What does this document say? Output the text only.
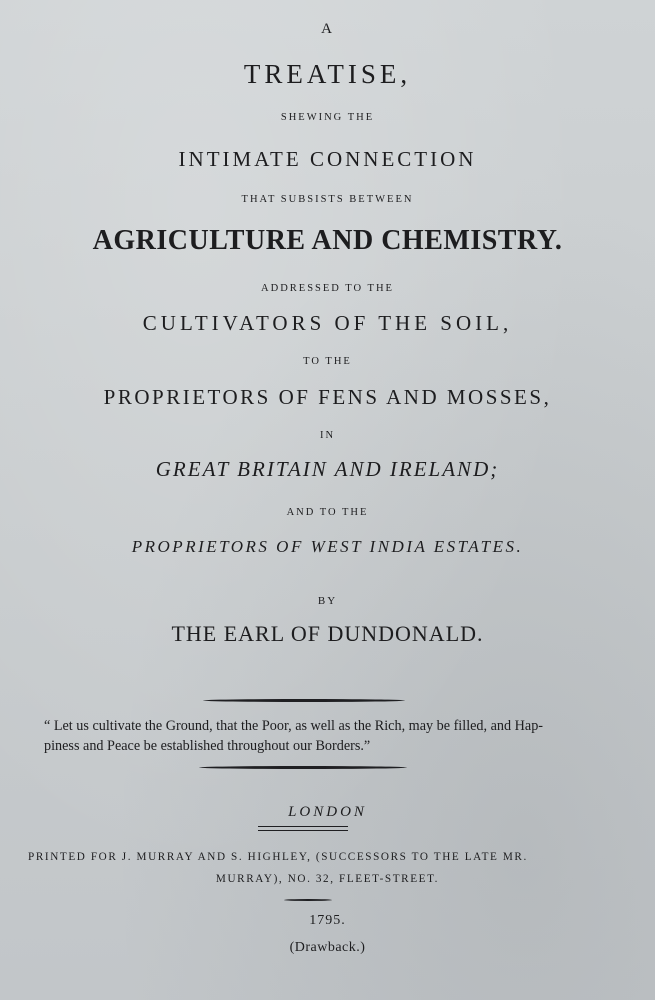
A
TREATISE,
SHEWING THE
INTIMATE CONNECTION
THAT SUBSISTS BETWEEN
AGRICULTURE AND CHEMISTRY.
ADDRESSED TO THE
CULTIVATORS OF THE SOIL,
TO THE
PROPRIETORS OF FENS AND MOSSES,
IN
GREAT BRITAIN AND IRELAND;
AND TO THE
PROPRIETORS OF WEST INDIA ESTATES.
BY
THE EARL OF DUNDONALD.
“ Let us cultivate the Ground, that the Poor, as well as the Rich, may be filled, and Hap-
piness and Peace be established throughout our Borders.”
LONDON
PRINTED FOR J. MURRAY AND S. HIGHLEY, (SUCCESSORS TO THE LATE MR.
MURRAY), NO. 32, FLEET-STREET.
1795.
(Drawback.)
